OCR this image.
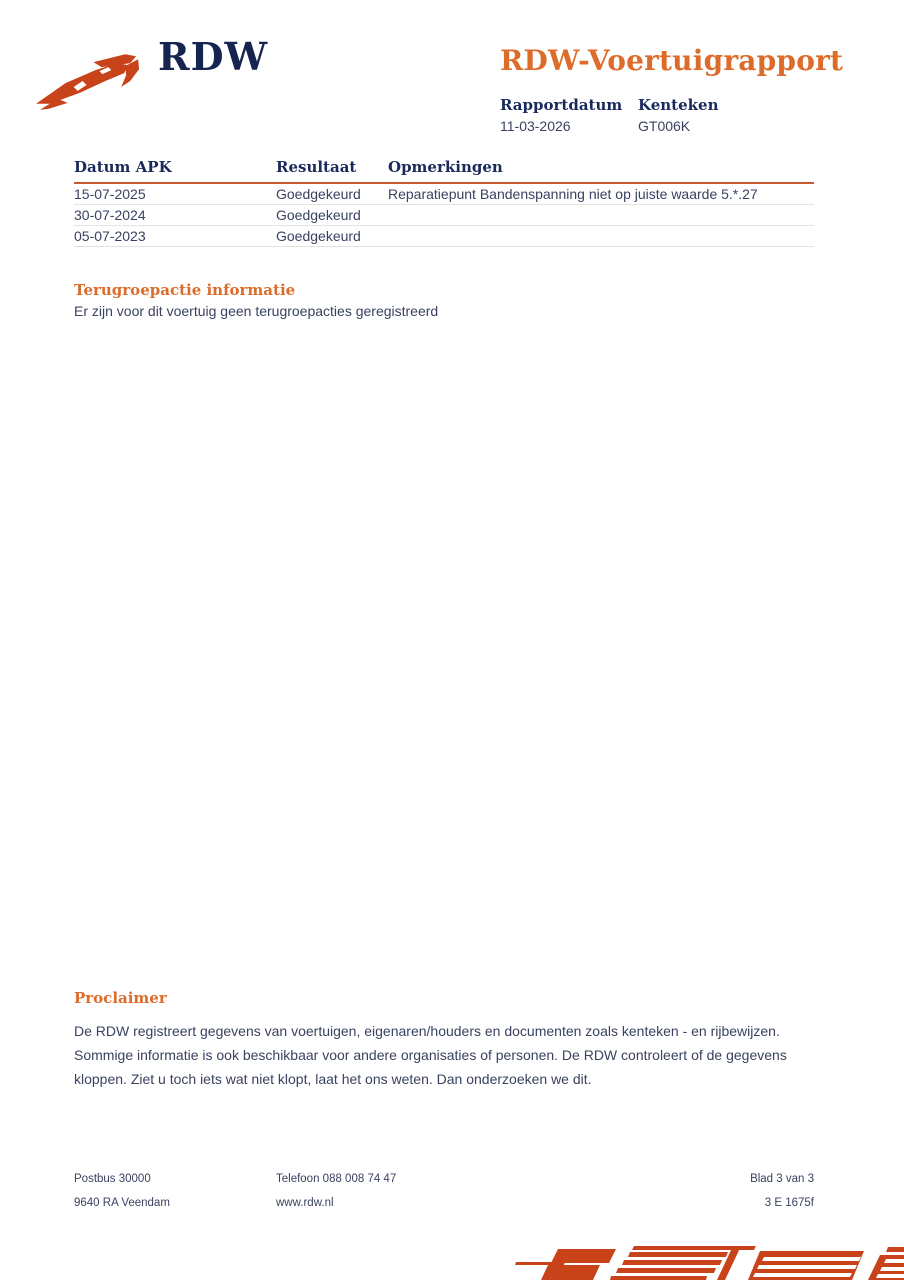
RDW	RDW-Voertuigrapport
Rapportdatum
11-03-2026
Kenteken
GT006K
Datum APK	Resultaat	Opmerkingen
15-07-2025	Goedgekeurd	Reparatiepunt Bandenspanning niet op juiste waarde 5.*.27
30-07-2024	Goedgekeurd
05-07-2023	Goedgekeurd
Terugroepactie informatie
Er zijn voor dit voertuig geen terugroepacties geregistreerd
Proclaimer

De RDW registreert gegevens van voertuigen, eigenaren/houders en documenten zoals kenteken - en rijbewijzen. Sommige informatie is ook beschikbaar voor andere organisaties of personen. De RDW controleert of de gegevens kloppen. Ziet u toch iets wat niet klopt, laat het ons weten. Dan onderzoeken we dit.

Postbus 30000
9640 RA Veendam
Telefoon 088 008 74 47
www.rdw.nl
Blad 3 van 3
3 E 1675f
